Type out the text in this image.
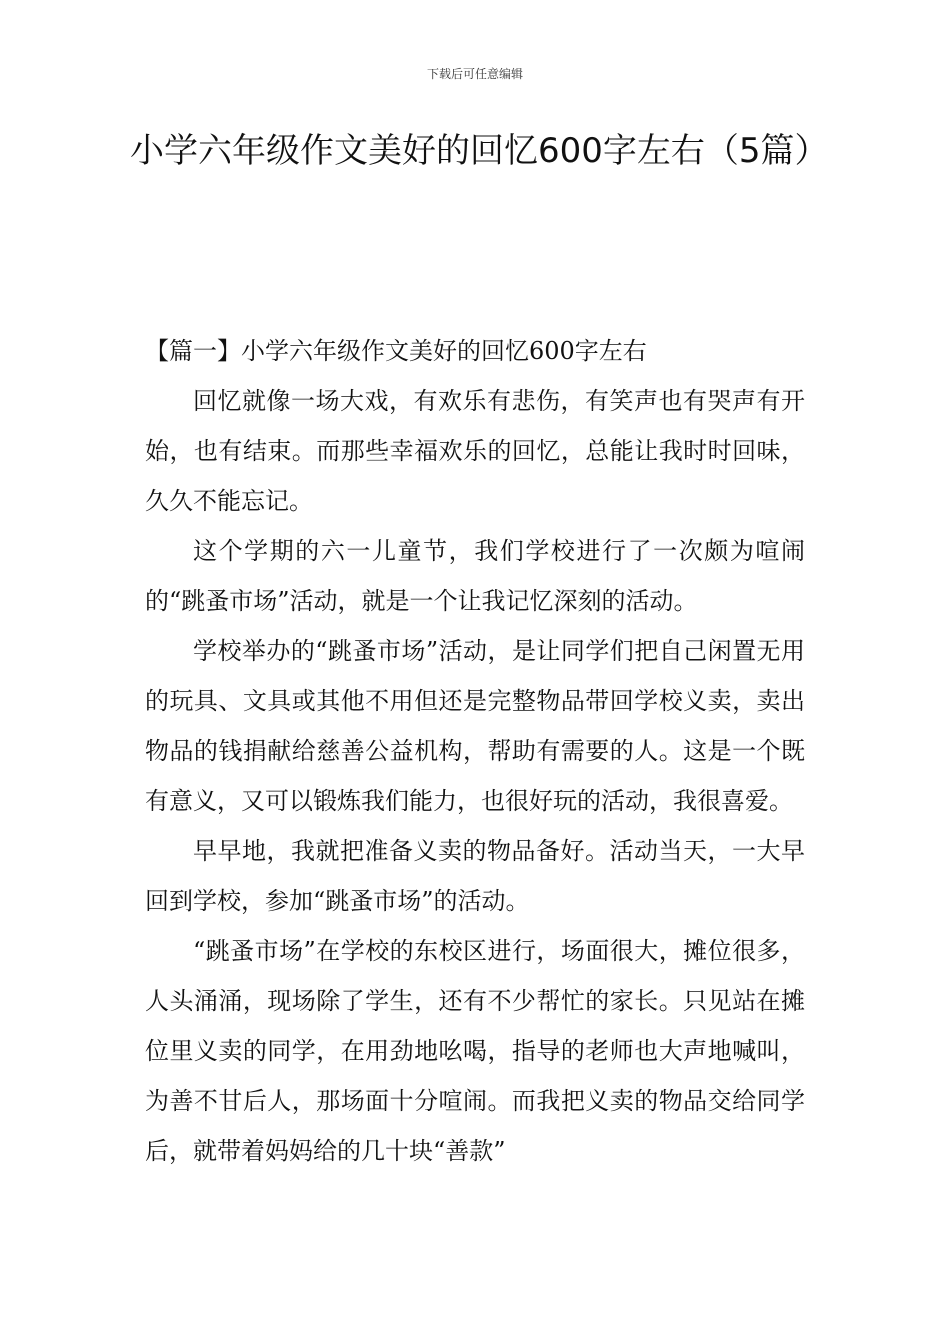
下载后可任意编辑
小学六年级作文美好的回忆600字左右（5篇）
【篇一】小学六年级作文美好的回忆600字左右

回忆就像一场大戏，有欢乐有悲伤，有笑声也有哭声有开始，也有结束。而那些幸福欢乐的回忆，总能让我时时回味，久久不能忘记。

这个学期的六一儿童节，我们学校进行了一次颇为喧闹的“跳蚤市场”活动，就是一个让我记忆深刻的活动。

学校举办的“跳蚤市场”活动，是让同学们把自己闲置无用的玩具、文具或其他不用但还是完整物品带回学校义卖，卖出物品的钱捐献给慈善公益机构，帮助有需要的人。这是一个既有意义，又可以锻炼我们能力，也很好玩的活动，我很喜爱。

早早地，我就把准备义卖的物品备好。活动当天，一大早回到学校，参加“跳蚤市场”的活动。

“跳蚤市场”在学校的东校区进行，场面很大，摊位很多，人头涌涌，现场除了学生，还有不少帮忙的家长。只见站在摊位里义卖的同学，在用劲地吆喝，指导的老师也大声地喊叫，为善不甘后人，那场面十分喧闹。而我把义卖的物品交给同学后，就带着妈妈给的几十块“善款”
